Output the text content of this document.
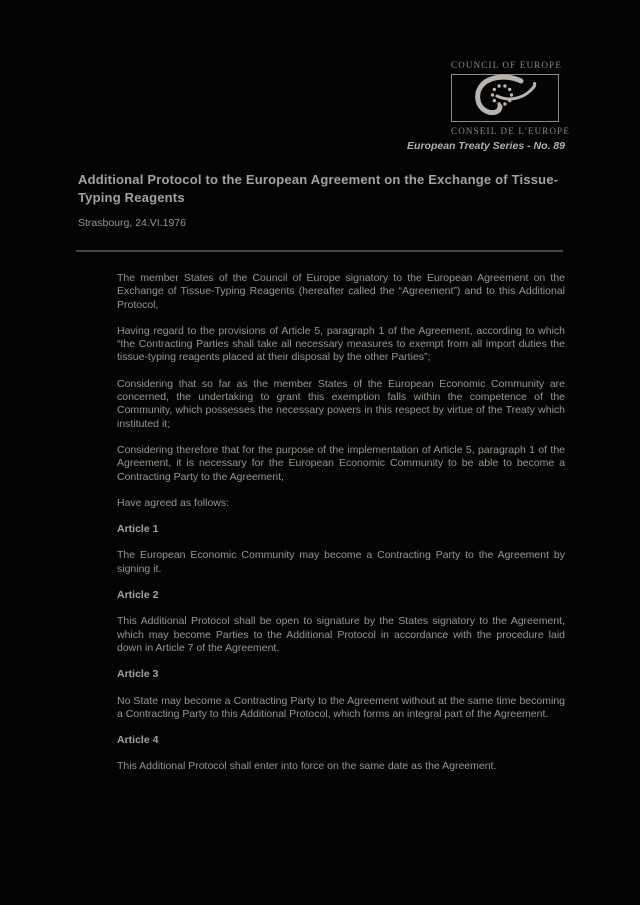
COUNCIL OF EUROPE
CONSEIL DE L'EUROPE
European Treaty Series - No. 89
Additional Protocol to the European Agreement on the Exchange of Tissue-Typing Reagents
Strasbourg, 24.VI.1976

The member States of the Council of Europe signatory to the European Agreement on the Exchange of Tissue-Typing Reagents (hereafter called the “Agreement”) and to this Additional Protocol,

Having regard to the provisions of Article 5, paragraph 1 of the Agreement, according to which “the Contracting Parties shall take all necessary measures to exempt from all import duties the tissue-typing reagents placed at their disposal by the other Parties”;

Considering that so far as the member States of the European Economic Community are concerned, the undertaking to grant this exemption falls within the competence of the Community, which possesses the necessary powers in this respect by virtue of the Treaty which instituted it;

Considering therefore that for the purpose of the implementation of Article 5, paragraph 1 of the Agreement, it is necessary for the European Economic Community to be able to become a Contracting Party to the Agreement,

Have agreed as follows:

Article 1

The European Economic Community may become a Contracting Party to the Agreement by signing it.

Article 2

This Additional Protocol shall be open to signature by the States signatory to the Agreement, which may become Parties to the Additional Protocol in accordance with the procedure laid down in Article 7 of the Agreement.

Article 3

No State may become a Contracting Party to the Agreement without at the same time becoming a Contracting Party to this Additional Protocol, which forms an integral part of the Agreement.

Article 4

This Additional Protocol shall enter into force on the same date as the Agreement.
